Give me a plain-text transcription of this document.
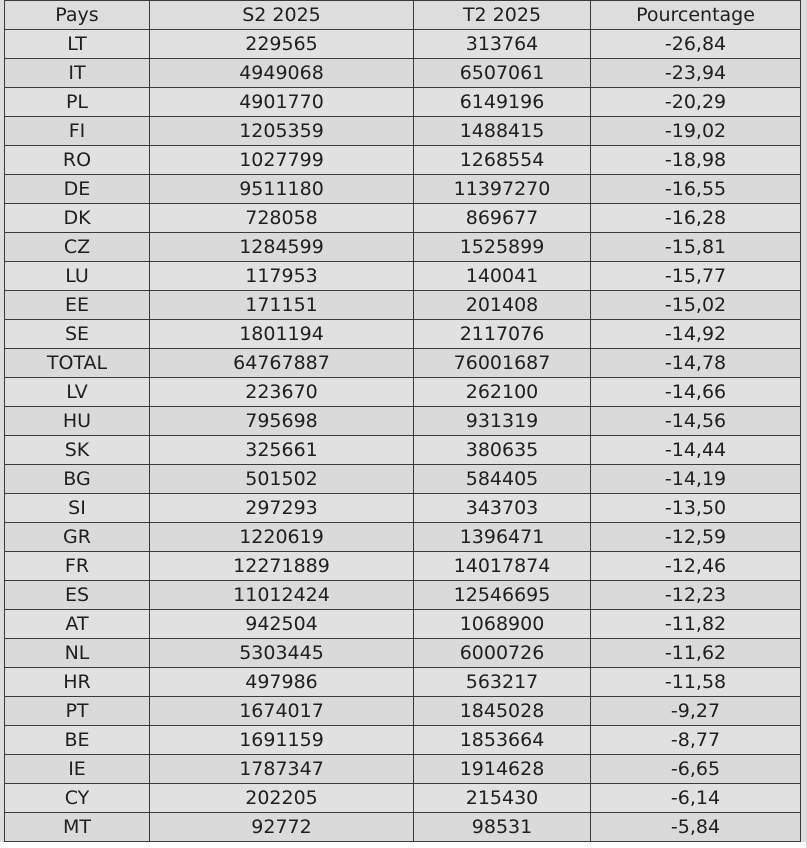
Pays	S2 2025	T2 2025	Pourcentage
LT	229565	313764	-26,84
IT	4949068	6507061	-23,94
PL	4901770	6149196	-20,29
FI	1205359	1488415	-19,02
RO	1027799	1268554	-18,98
DE	9511180	11397270	-16,55
DK	728058	869677	-16,28
CZ	1284599	1525899	-15,81
LU	117953	140041	-15,77
EE	171151	201408	-15,02
SE	1801194	2117076	-14,92
TOTAL	64767887	76001687	-14,78
LV	223670	262100	-14,66
HU	795698	931319	-14,56
SK	325661	380635	-14,44
BG	501502	584405	-14,19
SI	297293	343703	-13,50
GR	1220619	1396471	-12,59
FR	12271889	14017874	-12,46
ES	11012424	12546695	-12,23
AT	942504	1068900	-11,82
NL	5303445	6000726	-11,62
HR	497986	563217	-11,58
PT	1674017	1845028	-9,27
BE	1691159	1853664	-8,77
IE	1787347	1914628	-6,65
CY	202205	215430	-6,14
MT	92772	98531	-5,84
